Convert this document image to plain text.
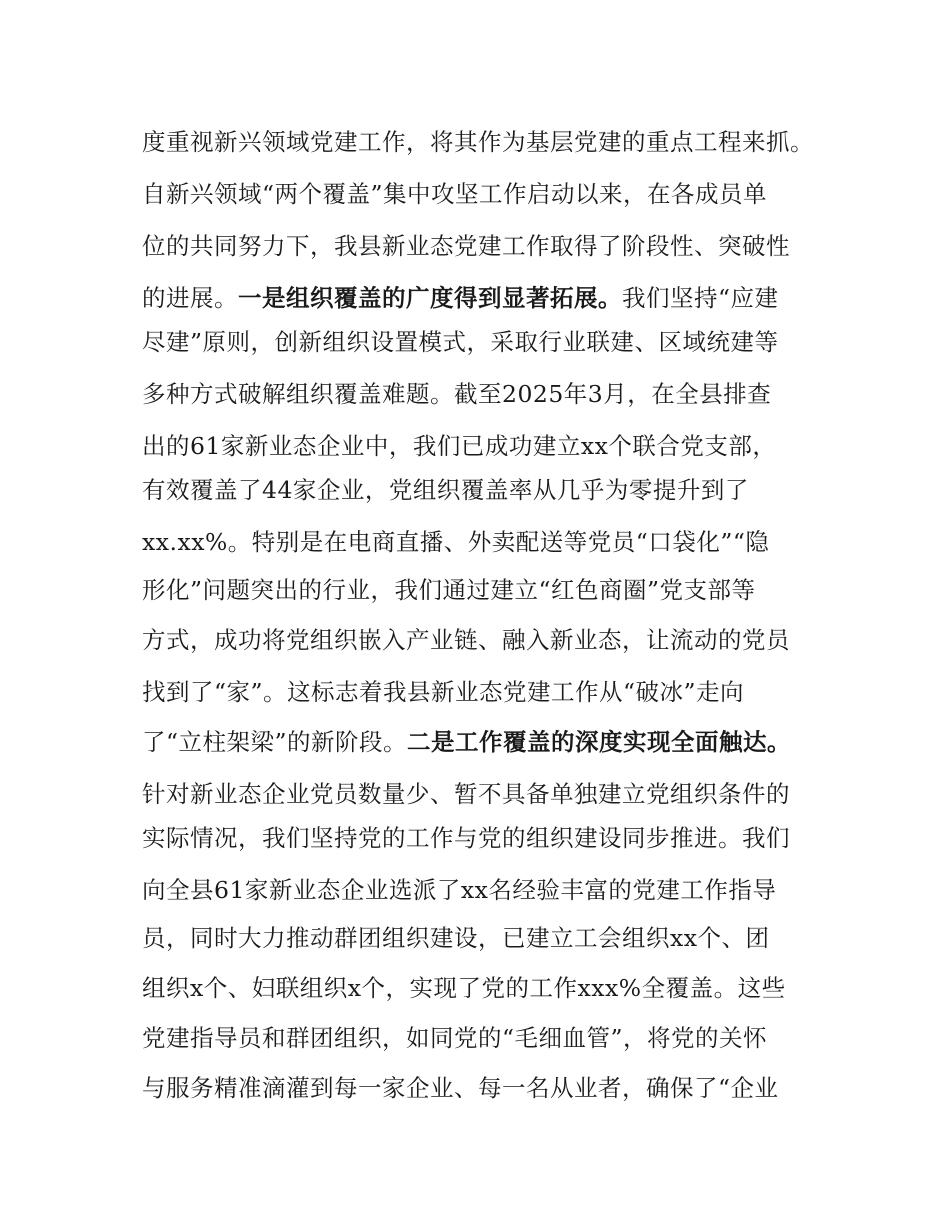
度重视新兴领域党建工作，将其作为基层党建的重点工程来抓。
自新兴领域“两个覆盖”集中攻坚工作启动以来，在各成员单
位的共同努力下，我县新业态党建工作取得了阶段性、突破性
的进展。一是组织覆盖的广度得到显著拓展。我们坚持“应建
尽建”原则，创新组织设置模式，采取行业联建、区域统建等
多种方式破解组织覆盖难题。截至2025年3月，在全县排查
出的61家新业态企业中，我们已成功建立xx个联合党支部，
有效覆盖了44家企业，党组织覆盖率从几乎为零提升到了
xx.xx%。特别是在电商直播、外卖配送等党员“口袋化”“隐
形化”问题突出的行业，我们通过建立“红色商圈”党支部等
方式，成功将党组织嵌入产业链、融入新业态，让流动的党员
找到了“家”。这标志着我县新业态党建工作从“破冰”走向
了“立柱架梁”的新阶段。二是工作覆盖的深度实现全面触达。
针对新业态企业党员数量少、暂不具备单独建立党组织条件的
实际情况，我们坚持党的工作与党的组织建设同步推进。我们
向全县61家新业态企业选派了xx名经验丰富的党建工作指导
员，同时大力推动群团组织建设，已建立工会组织xx个、团
组织x个、妇联组织x个，实现了党的工作xxx%全覆盖。这些
党建指导员和群团组织，如同党的“毛细血管”，将党的关怀
与服务精准滴灌到每一家企业、每一名从业者，确保了“企业
